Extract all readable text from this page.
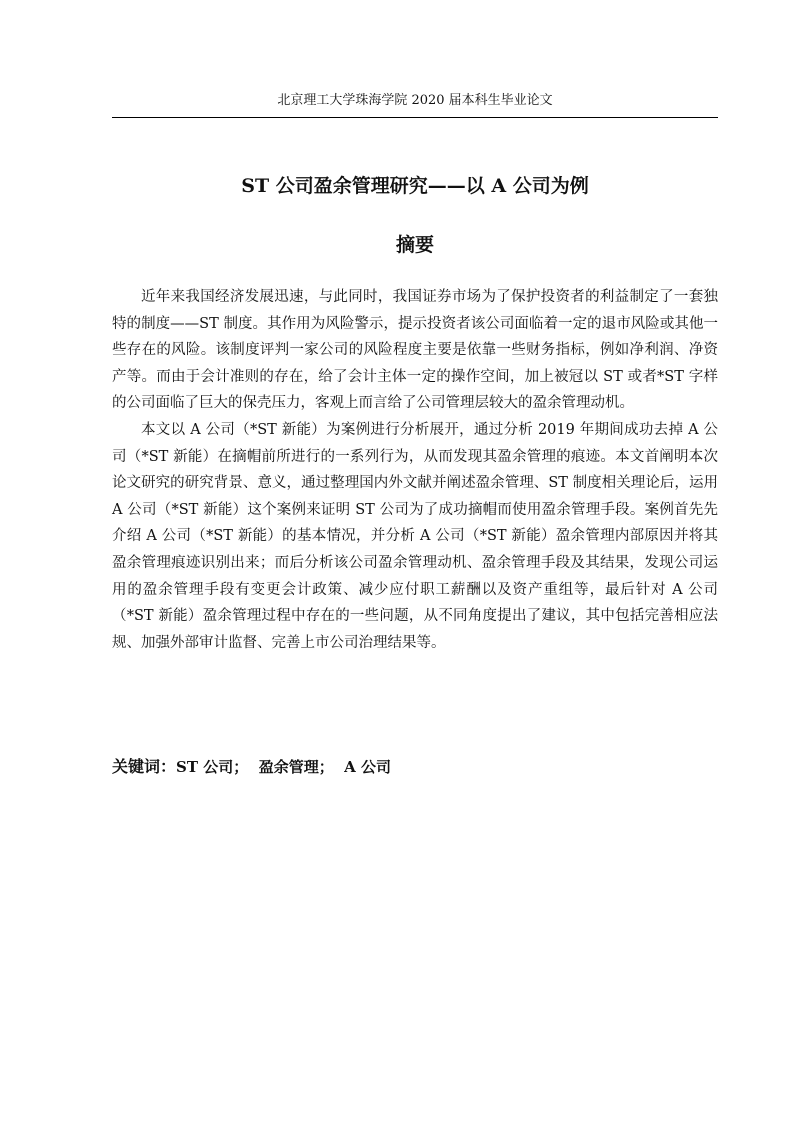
北京理工大学珠海学院 2020 届本科生毕业论文
ST 公司盈余管理研究——以 A 公司为例
摘要

近年来我国经济发展迅速，与此同时，我国证券市场为了保护投资者的利益制定了一套独特的制度——ST 制度。其作用为风险警示，提示投资者该公司面临着一定的退市风险或其他一些存在的风险。该制度评判一家公司的风险程度主要是依靠一些财务指标，例如净利润、净资产等。而由于会计准则的存在，给了会计主体一定的操作空间，加上被冠以 ST 或者*ST 字样的公司面临了巨大的保壳压力，客观上而言给了公司管理层较大的盈余管理动机。

本文以 A 公司（*ST 新能）为案例进行分析展开，通过分析 2019 年期间成功去掉 A 公司（*ST 新能）在摘帽前所进行的一系列行为，从而发现其盈余管理的痕迹。本文首阐明本次论文研究的研究背景、意义，通过整理国内外文献并阐述盈余管理、ST 制度相关理论后，运用 A 公司（*ST 新能）这个案例来证明 ST 公司为了成功摘帽而使用盈余管理手段。案例首先先介绍 A 公司（*ST 新能）的基本情况，并分析 A 公司（*ST 新能）盈余管理内部原因并将其盈余管理痕迹识别出来；而后分析该公司盈余管理动机、盈余管理手段及其结果，发现公司运用的盈余管理手段有变更会计政策、减少应付职工薪酬以及资产重组等，最后针对 A 公司（*ST 新能）盈余管理过程中存在的一些问题，从不同角度提出了建议，其中包括完善相应法规、加强外部审计监督、完善上市公司治理结果等。

关键词：ST 公司； 盈余管理； A 公司
